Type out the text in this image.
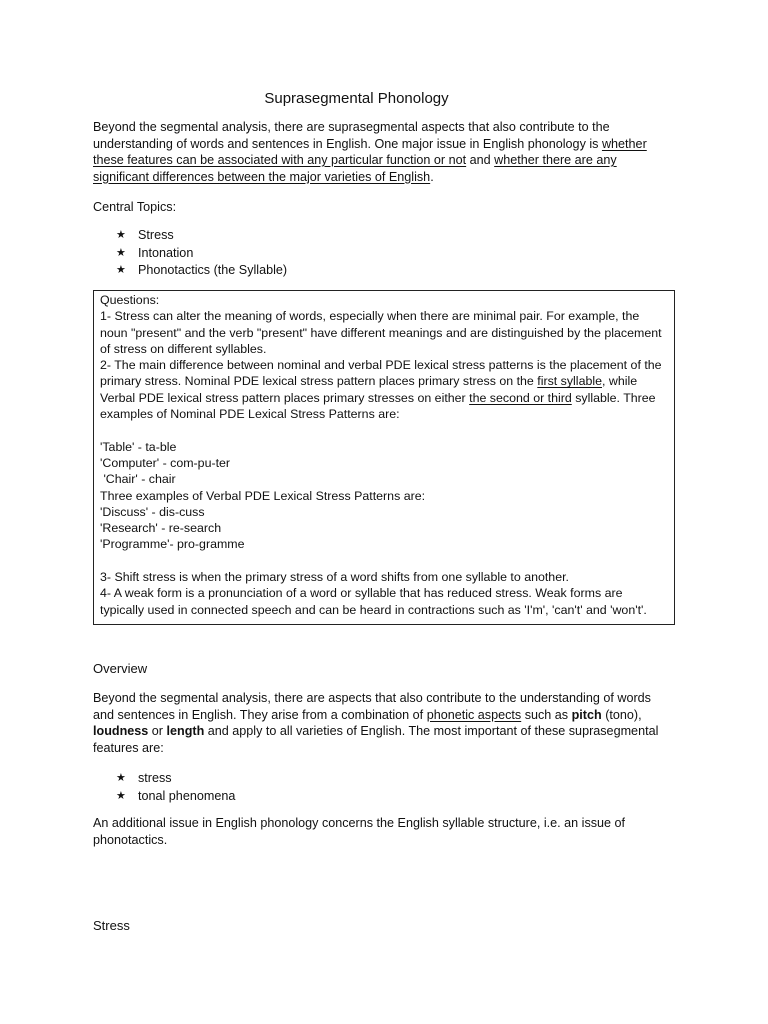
Suprasegmental Phonology

Beyond the segmental analysis, there are suprasegmental aspects that also contribute to the understanding of words and sentences in English. One major issue in English phonology is whether these features can be associated with any particular function or not and whether there are any significant differences between the major varieties of English.

Central Topics:

★ Stress
★ Intonation
★ Phonotactics (the Syllable)
Questions:
1- Stress can alter the meaning of words, especially when there are minimal pair. For example, the noun "present" and the verb "present" have different meanings and are distinguished by the placement of stress on different syllables.
2- The main difference between nominal and verbal PDE lexical stress patterns is the placement of the primary stress. Nominal PDE lexical stress pattern places primary stress on the first syllable, while Verbal PDE lexical stress pattern places primary stresses on either the second or third syllable. Three examples of Nominal PDE Lexical Stress Patterns are:
'Table' - ta-ble
'Computer' - com-pu-ter
'Chair' - chair
Three examples of Verbal PDE Lexical Stress Patterns are:
'Discuss' - dis-cuss
'Research' - re-search
'Programme'- pro-gramme
3- Shift stress is when the primary stress of a word shifts from one syllable to another.
4- A weak form is a pronunciation of a word or syllable that has reduced stress. Weak forms are typically used in connected speech and can be heard in contractions such as 'I'm', 'can't' and 'won't'.
Overview

Beyond the segmental analysis, there are aspects that also contribute to the understanding of words and sentences in English. They arise from a combination of phonetic aspects such as pitch (tono), loudness or length and apply to all varieties of English. The most important of these suprasegmental features are:

★ stress
★ tonal phenomena

An additional issue in English phonology concerns the English syllable structure, i.e. an issue of phonotactics.

Stress
